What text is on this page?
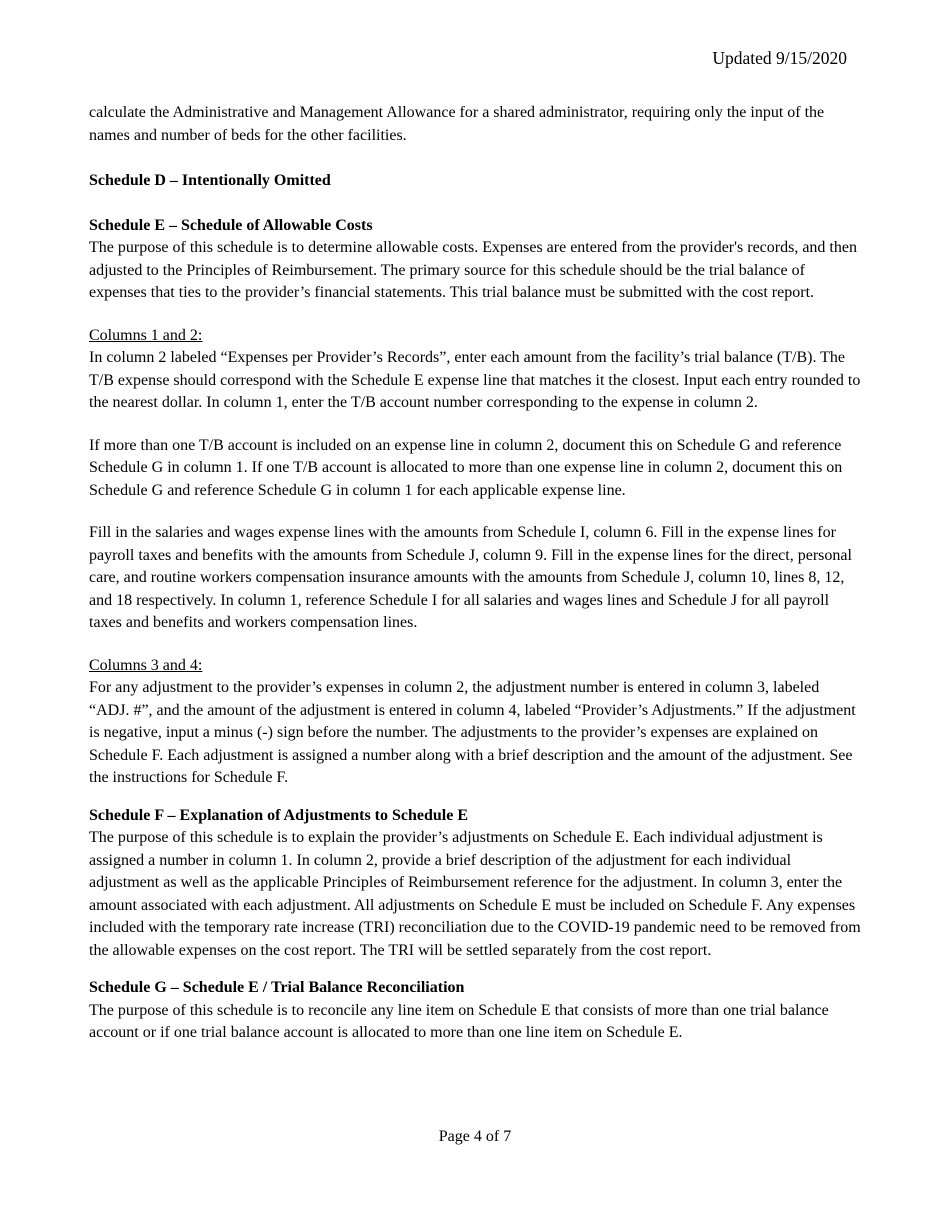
Updated 9/15/2020

calculate the Administrative and Management Allowance for a shared administrator, requiring only the input of the names and number of beds for the other facilities.

Schedule D – Intentionally Omitted

Schedule E – Schedule of Allowable Costs

The purpose of this schedule is to determine allowable costs. Expenses are entered from the provider's records, and then adjusted to the Principles of Reimbursement. The primary source for this schedule should be the trial balance of expenses that ties to the provider’s financial statements. This trial balance must be submitted with the cost report.

Columns 1 and 2:

In column 2 labeled “Expenses per Provider’s Records”, enter each amount from the facility’s trial balance (T/B). The T/B expense should correspond with the Schedule E expense line that matches it the closest. Input each entry rounded to the nearest dollar. In column 1, enter the T/B account number corresponding to the expense in column 2.

If more than one T/B account is included on an expense line in column 2, document this on Schedule G and reference Schedule G in column 1. If one T/B account is allocated to more than one expense line in column 2, document this on Schedule G and reference Schedule G in column 1 for each applicable expense line.

Fill in the salaries and wages expense lines with the amounts from Schedule I, column 6. Fill in the expense lines for payroll taxes and benefits with the amounts from Schedule J, column 9. Fill in the expense lines for the direct, personal care, and routine workers compensation insurance amounts with the amounts from Schedule J, column 10, lines 8, 12, and 18 respectively. In column 1, reference Schedule I for all salaries and wages lines and Schedule J for all payroll taxes and benefits and workers compensation lines.

Columns 3 and 4:

For any adjustment to the provider’s expenses in column 2, the adjustment number is entered in column 3, labeled “ADJ. #”, and the amount of the adjustment is entered in column 4, labeled “Provider’s Adjustments.” If the adjustment is negative, input a minus (-) sign before the number. The adjustments to the provider’s expenses are explained on Schedule F. Each adjustment is assigned a number along with a brief description and the amount of the adjustment. See the instructions for Schedule F.

Schedule F – Explanation of Adjustments to Schedule E

The purpose of this schedule is to explain the provider’s adjustments on Schedule E. Each individual adjustment is assigned a number in column 1. In column 2, provide a brief description of the adjustment for each individual adjustment as well as the applicable Principles of Reimbursement reference for the adjustment. In column 3, enter the amount associated with each adjustment. All adjustments on Schedule E must be included on Schedule F. Any expenses included with the temporary rate increase (TRI) reconciliation due to the COVID-19 pandemic need to be removed from the allowable expenses on the cost report. The TRI will be settled separately from the cost report.

Schedule G – Schedule E / Trial Balance Reconciliation

The purpose of this schedule is to reconcile any line item on Schedule E that consists of more than one trial balance account or if one trial balance account is allocated to more than one line item on Schedule E.

Page 4 of 7
